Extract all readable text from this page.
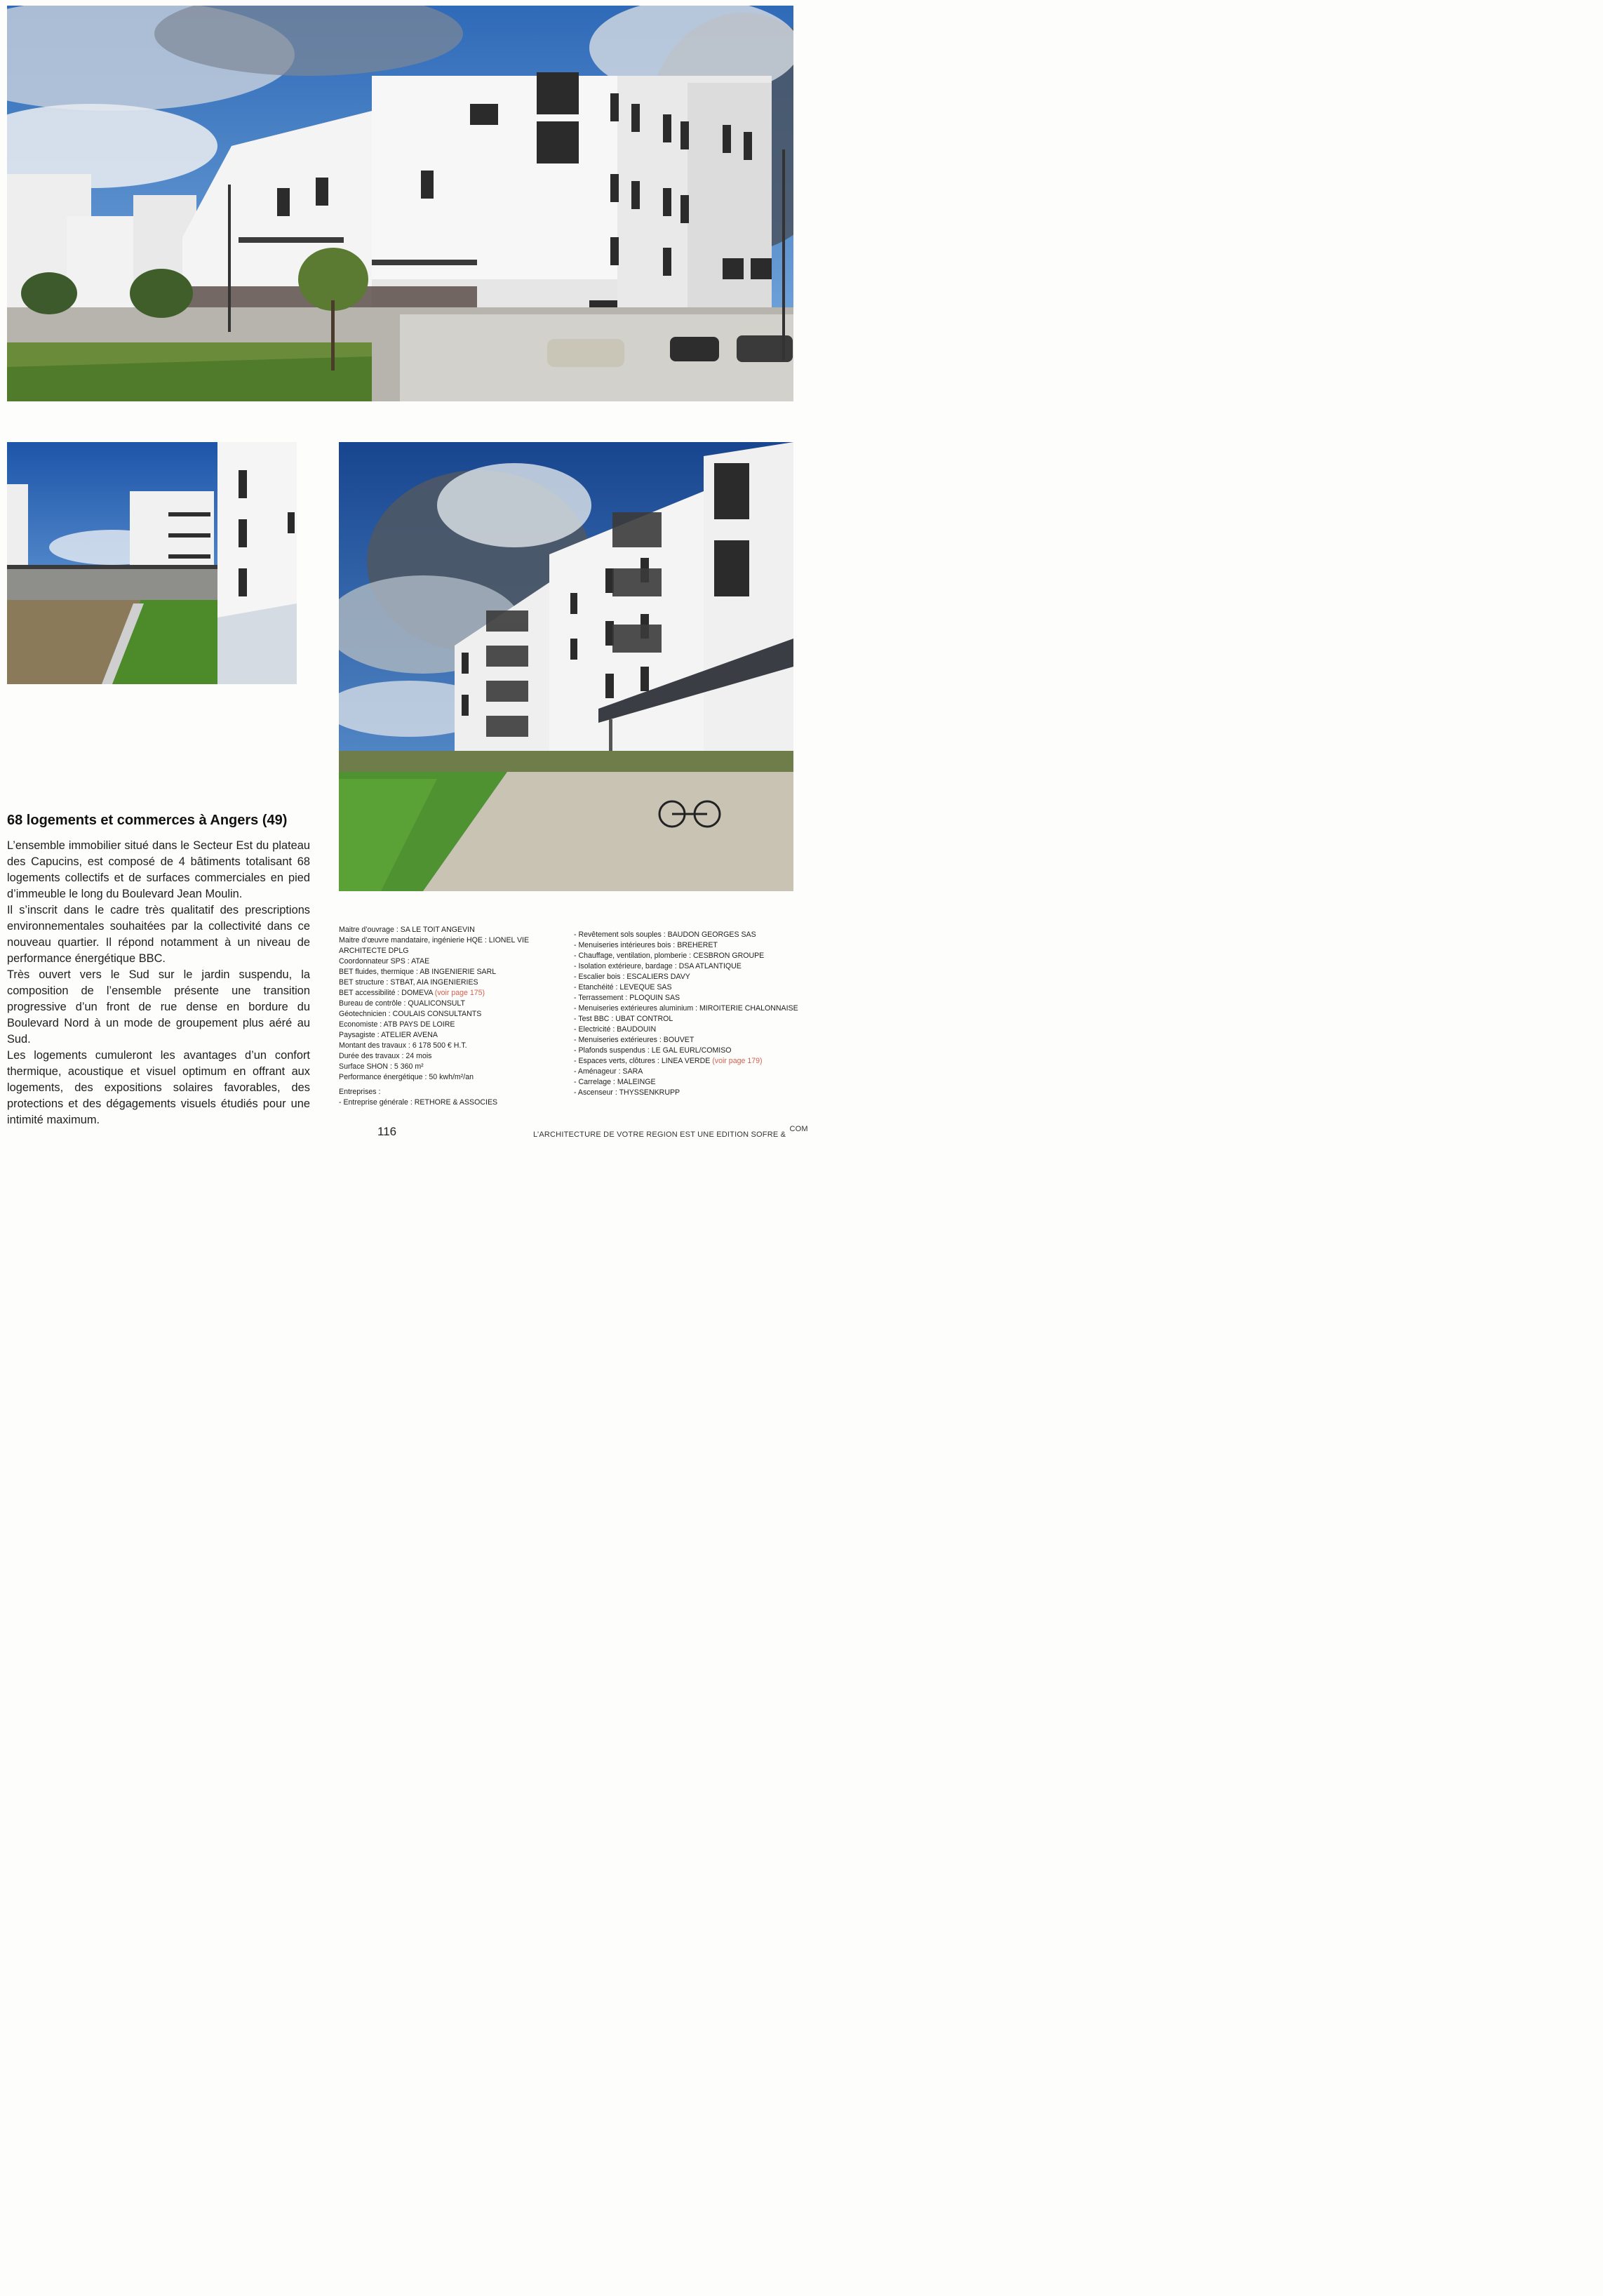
68 logements et commerces à Angers (49)

L’ensemble immobilier situé dans le Secteur Est du plateau des Capucins, est composé de 4 bâtiments totalisant 68 logements collectifs et de surfaces commerciales en pied d’immeuble le long du Boulevard Jean Moulin.

Il s’inscrit dans le cadre très qualitatif des prescriptions environnementales souhaitées par la collectivité dans ce nouveau quartier. Il répond notamment à un niveau de performance énergétique BBC.

Très ouvert vers le Sud sur le jardin suspendu, la composition de l’ensemble présente une transition progressive d’un front de rue dense en bordure du Boulevard Nord à un mode de groupement plus aéré au Sud.

Les logements cumuleront les avantages d’un confort thermique, acoustique et visuel optimum en offrant aux logements, des expositions solaires favorables, des protections et des dégagements visuels étudiés pour une intimité maximum.

Maitre d’ouvrage : SA LE TOIT ANGEVIN
Maitre d’œuvre mandataire, ingénierie HQE : LIONEL VIE ARCHITECTE DPLG
Coordonnateur SPS : ATAE
BET fluides, thermique : AB INGENIERIE SARL
BET structure : STBAT, AIA INGENIERIES
BET accessibilité : DOMEVA (voir page 175)
Bureau de contrôle : QUALICONSULT
Géotechnicien : COULAIS CONSULTANTS
Economiste : ATB PAYS DE LOIRE
Paysagiste : ATELIER AVENA
Montant des travaux : 6 178 500 € H.T.
Durée des travaux : 24 mois
Surface SHON : 5 360 m²
Performance énergétique : 50 kwh/m²/an
Entreprises :
- Entreprise générale : RETHORE & ASSOCIES
- Revêtement sols souples : BAUDON GEORGES SAS
- Menuiseries intérieures bois : BREHERET
- Chauffage, ventilation, plomberie : CESBRON GROUPE
- Isolation extérieure, bardage : DSA ATLANTIQUE
- Escalier bois : ESCALIERS DAVY
- Etanchéité : LEVEQUE SAS
- Terrassement : PLOQUIN SAS
- Menuiseries extérieures aluminium : MIROITERIE CHALONNAISE
- Test BBC : UBAT CONTROL
- Electricité : BAUDOUIN
- Menuiseries extérieures : BOUVET
- Plafonds suspendus : LE GAL EURL/COMISO
- Espaces verts, clôtures : LINEA VERDE (voir page 179)
- Aménageur : SARA
- Carrelage : MALEINGE
- Ascenseur : THYSSENKRUPP
116	L’ARCHITECTURE DE VOTRE REGION EST UNE EDITION SOFRE & COM
